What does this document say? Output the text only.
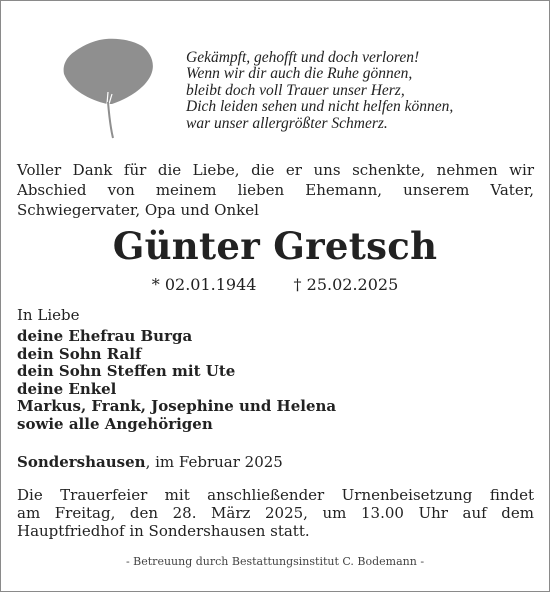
Gekämpft, gehofft und doch verloren!
Wenn wir dir auch die Ruhe gönnen,
bleibt doch voll Trauer unser Herz,
Dich leiden sehen und nicht helfen können,
war unser allergrößter Schmerz.
Voller Dank für die Liebe, die er uns schenkte, nehmen wir
Abschied von meinem lieben Ehemann, unserem Vater,
Schwiegervater, Opa und Onkel
Günter Gretsch
* 02.01.1944 † 25.02.2025
In Liebe
deine Ehefrau Burga
dein Sohn Ralf
dein Sohn Steffen mit Ute
deine Enkel
Markus, Frank, Josephine und Helena
sowie alle Angehörigen
Sondershausen, im Februar 2025
Die Trauerfeier mit anschließender Urnenbeisetzung findet
am Freitag, den 28. März 2025, um 13.00 Uhr auf dem
Hauptfriedhof in Sondershausen statt.
- Betreuung durch Bestattungsinstitut C. Bodemann -
